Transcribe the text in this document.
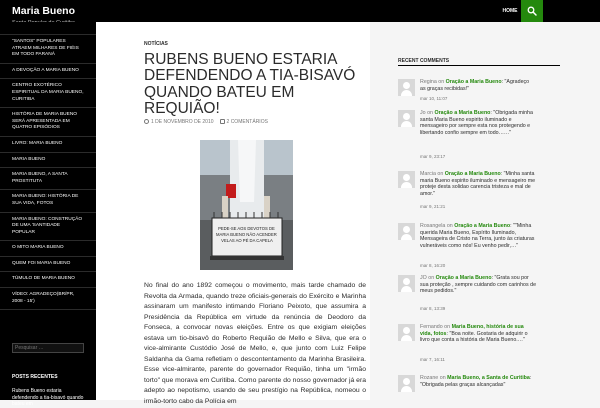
Maria Bueno	HOME
"SANTOS" POPULARES ATRAEM MILHARES DE FIÉIS EM TODO PARANÁ
A DEVOÇÃO A MARIA BUENO
CENTRO EXOTÉRICO ESPIRITUAL DA MARIA BUENO, CURITIBA
HISTÓRIA DE MARIA BUENO SERÁ APRESENTADA EM QUATRO EPISÓDIOS
LIVRO: MARIA BUENO
MARIA BUENO
MARIA BUENO, A SANTA PROSTITUTA
MARIA BUENO: HISTÓRIA DE SUA VIDA, FOTOS
MARIA BUENO: CONSTRUÇÃO DE UMA 'SANTIDADE POPULAR
O MITO MARIA BUENO
QUEM FOI MARIA BUENO
TÚMULO DE MARIA BUENO
VÍDEO: AGRADEÇO(BR/PR, 2008 - 15')
Pesquisar …
POSTS RECENTES
Rubens Bueno estaria defendendo a tia-bisavó quando bateu em
NOTÍCIAS
RUBENS BUENO ESTARIA DEFENDENDO A TIA-BISAVÓ QUANDO BATEU EM REQUIÃO!
1 DE NOVEMBRO DE 2010	2 COMENTÁRIOS
PEDE-SE AOS DEVOTOS DE MARIA BUENO NÃO ACENDER VELAS AO PÉ DA CAPELA
No final do ano 1892 começou o movimento, mais tarde chamado de Revolta da Armada, quando treze oficiais-generais do Exército e Marinha assinaram um manifesto intimando Floriano Peixoto, que assumira a Presidência da República em virtude da renúncia de Deodoro da Fonseca, a convocar novas eleições. Entre os que exigiam eleições estava um tio-bisavô do Roberto Requião de Mello e Silva, que era o vice-almirante Custódio José de Mello, e, que junto com Luiz Felipe Saldanha da Gama refletiam o descontentamento da Marinha Brasileira. Esse vice-almirante, parente do governador Requião, tinha um "irmão torto" que morava em Curitiba. Como parente do nosso governador já era adepto ao nepotismo, usando de seu prestígio na República, nomeou o irmão-torto cabo da Polícia em
RECENT COMMENTS
Regina on Oração a Maria Bueno: "Agradeço as graças recibidas!"
mar 10, 11:07
Jo on Oração a Maria Bueno: "Obrigada minha santa Maria Bueno espirito iluminado e mensageiro por sempre esta nos protegendo e libertando confio sempre em todo……"
mar 9, 23:17
Marcia on Oração a Maria Bueno: "Minha santa maria Bueno espirito iluminado e mensageiro me proteje desta solidao carencia tristeza e mal de amor."
mar 9, 21:21
Rosangela on Oração a Maria Bueno: ""Minha querida Maria Bueno, Espírito Iluminado, Mensageira de Cristo na Terra, junto às criaturas vulneráveis como nós! Eu venho pedir,…"
mar 8, 16:20
JO on Oração a Maria Bueno: "Grata sou por sua proteção , sempre cuidando com carinhos de meus pedidos."
mar 8, 13:39
Fernando on Maria Bueno, história de sua vida, fotos: "Boa noite. Gostaria de adquirir o livro que conta a história de Maria Bueno.…"
mar 7, 16:11
Rozane on Maria Bueno, a Santa de Curitiba: "Obrigada pelas graças alcançadas"
